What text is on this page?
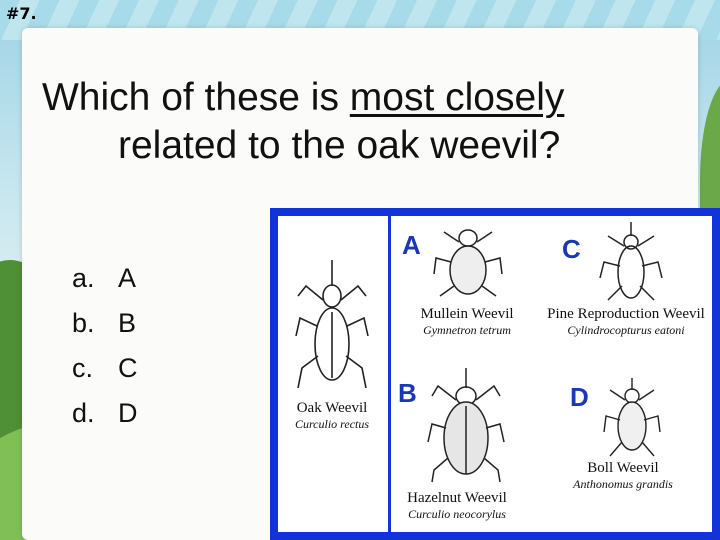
#7.
Which of these is most closely
related to the oak weevil?
a. A
b. B
c. C
d. D	Oak Weevil
Curculio rectus
A
Mullein Weevil
Gymnetron tetrum
C
Pine Reproduction Weevil
Cylindrocopturus eatoni
B
Hazelnut Weevil
Curculio neocorylus
D
Boll Weevil
Anthonomus grandis
